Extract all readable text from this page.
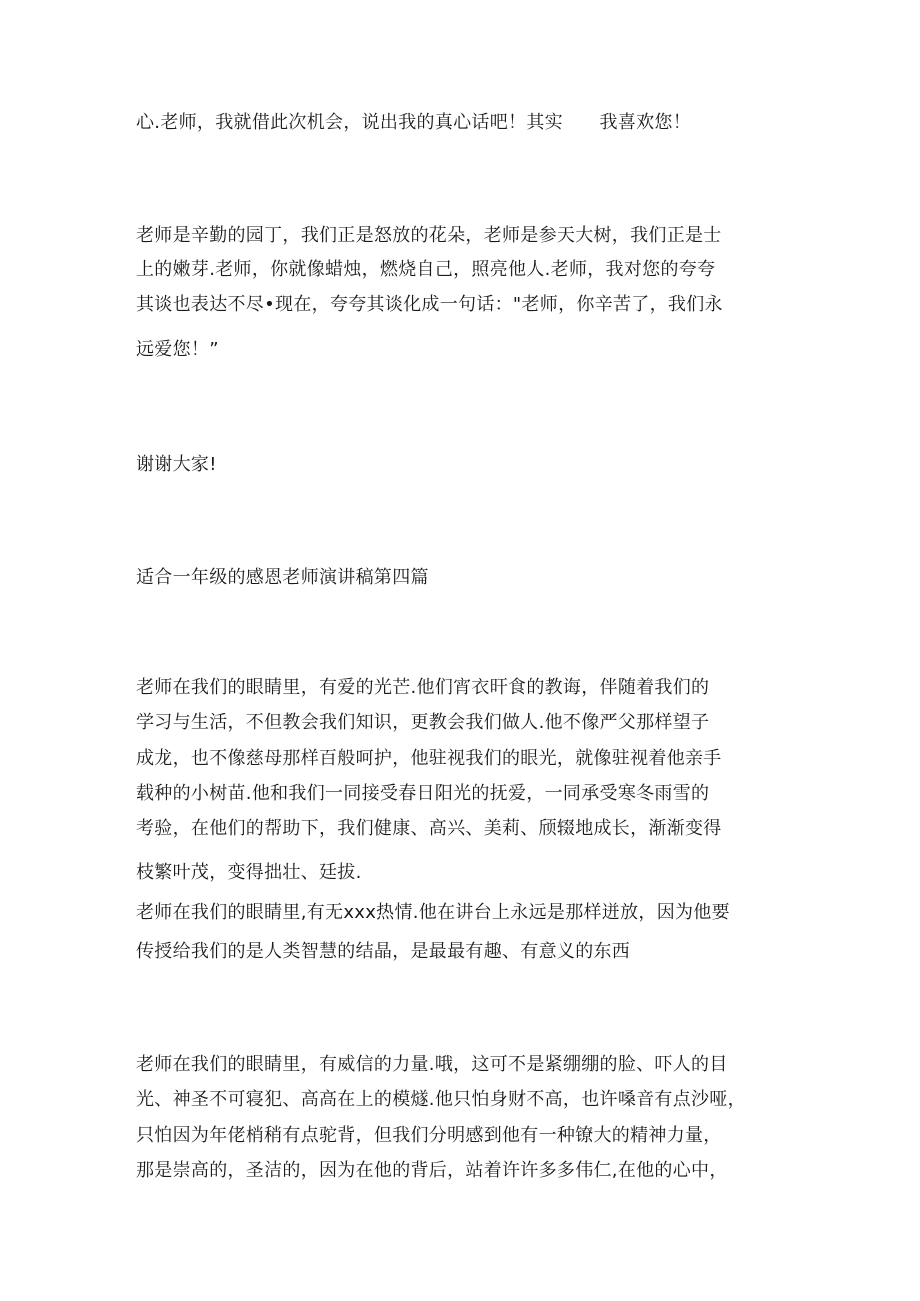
心.老师，我就借此次机会，说出我的真心话吧！其实　　我喜欢您！
老师是辛勤的园丁，我们正是怒放的花朵，老师是参天大树，我们正是士
上的嫩芽.老师，你就像蜡烛，燃烧自己，照亮他人.老师，我对您的夸夸
其谈也表达不尽•现在，夸夸其谈化成一句话："老师，你辛苦了，我们永
远爱您！”
谢谢大家!
适合一年级的感恩老师演讲稿第四篇
老师在我们的眼睛里，有爱的光芒.他们宵衣旰食的教诲，伴随着我们的
学习与生活，不但教会我们知识，更教会我们做人.他不像严父那样望子
成龙，也不像慈母那样百般呵护，他驻视我们的眼光，就像驻视着他亲手
载种的小树苗.他和我们一同接受春日阳光的抚爱，一同承受寒冬雨雪的
考验，在他们的帮助下，我们健康、高兴、美莉、颀辍地成长，渐渐变得
枝繁叶茂，变得拙壮、廷拔.
老师在我们的眼睛里,有无xxx热情.他在讲台上永远是那样迸放，因为他要
传授给我们的是人类智慧的结晶，是最最有趣、有意义的东西
老师在我们的眼睛里，有威信的力量.哦，这可不是紧绷绷的脸、吓人的目
光、神圣不可寝犯、高高在上的模燧.他只怕身财不高，也许嗓音有点沙哑，
只怕因为年佬梢稍有点驼背，但我们分明感到他有一种镣大的精神力量，
那是崇高的，圣洁的，因为在他的背后，站着许许多多伟仁,在他的心中，
